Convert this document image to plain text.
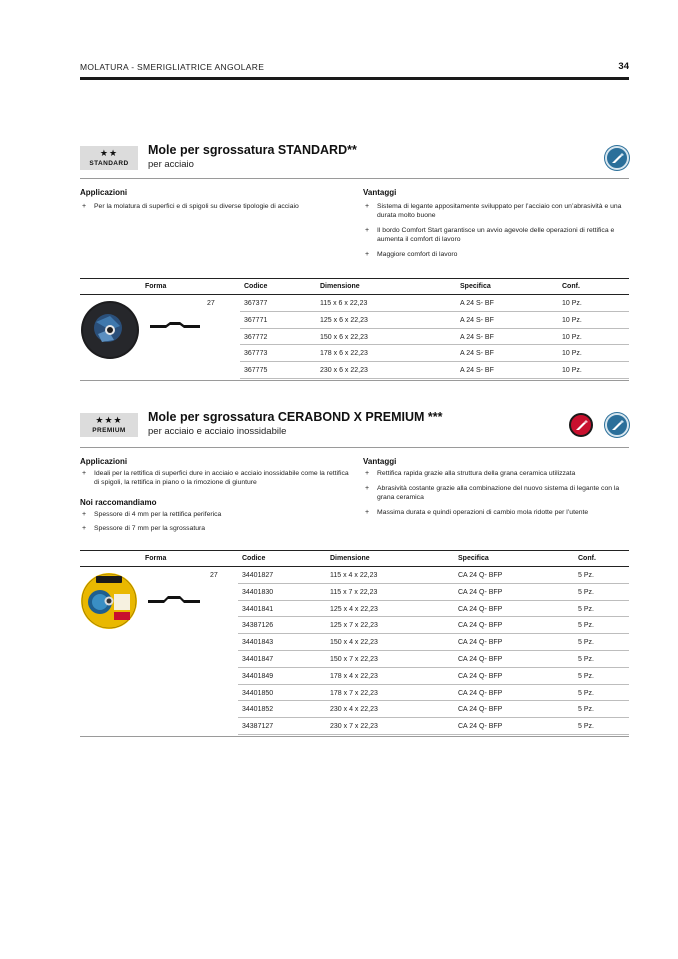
MOLATURA - SMERIGLIATRICE ANGOLARE	34
★★
STANDARD
Mole per sgrossatura STANDARD**
per acciaio
Applicazioni
+ Per la molatura di superfici e di spigoli su diverse tipologie di acciaio
Vantaggi
+ Sistema di legante appositamente sviluppato per l’acciaio con un’abrasività e una durata molto buone
+ Il bordo Comfort Start garantisce un avvio agevole delle operazioni di rettifica e aumenta il comfort di lavoro
+ Maggiore comfort di lavoro
Forma	Codice	Dimensione	Specifica	Conf.
27	367377	115 x 6 x 22,23	A 24 S- BF	10 Pz.
367771	125 x 6 x 22,23	A 24 S- BF	10 Pz.
367772	150 x 6 x 22,23	A 24 S- BF	10 Pz.
367773	178 x 6 x 22,23	A 24 S- BF	10 Pz.
367775	230 x 6 x 22,23	A 24 S- BF	10 Pz.
★★★
PREMIUM
Mole per sgrossatura CERABOND X PREMIUM ***
per acciaio e acciaio inossidabile
Applicazioni
+ Ideali per la rettifica di superfici dure in acciaio e acciaio inossidabile come la rettifica di spigoli, la rettifica in piano o la rimozione di giunture
Noi raccomandiamo
+ Spessore di 4 mm per la rettifica periferica
+ Spessore di 7 mm per la sgrossatura
Vantaggi
+ Rettifica rapida grazie alla struttura della grana ceramica utilizzata
+ Abrasività costante grazie alla combinazione del nuovo sistema di legante con la grana ceramica
+ Massima durata e quindi operazioni di cambio mola ridotte per l’utente
Forma	Codice	Dimensione	Specifica	Conf.
27	34401827	115 x 4 x 22,23	CA 24 Q- BFP	5 Pz.
34401830	115 x 7 x 22,23	CA 24 Q- BFP	5 Pz.
34401841	125 x 4 x 22,23	CA 24 Q- BFP	5 Pz.
34387126	125 x 7 x 22,23	CA 24 Q- BFP	5 Pz.
34401843	150 x 4 x 22,23	CA 24 Q- BFP	5 Pz.
34401847	150 x 7 x 22,23	CA 24 Q- BFP	5 Pz.
34401849	178 x 4 x 22,23	CA 24 Q- BFP	5 Pz.
34401850	178 x 7 x 22,23	CA 24 Q- BFP	5 Pz.
34401852	230 x 4 x 22,23	CA 24 Q- BFP	5 Pz.
34387127	230 x 7 x 22,23	CA 24 Q- BFP	5 Pz.
